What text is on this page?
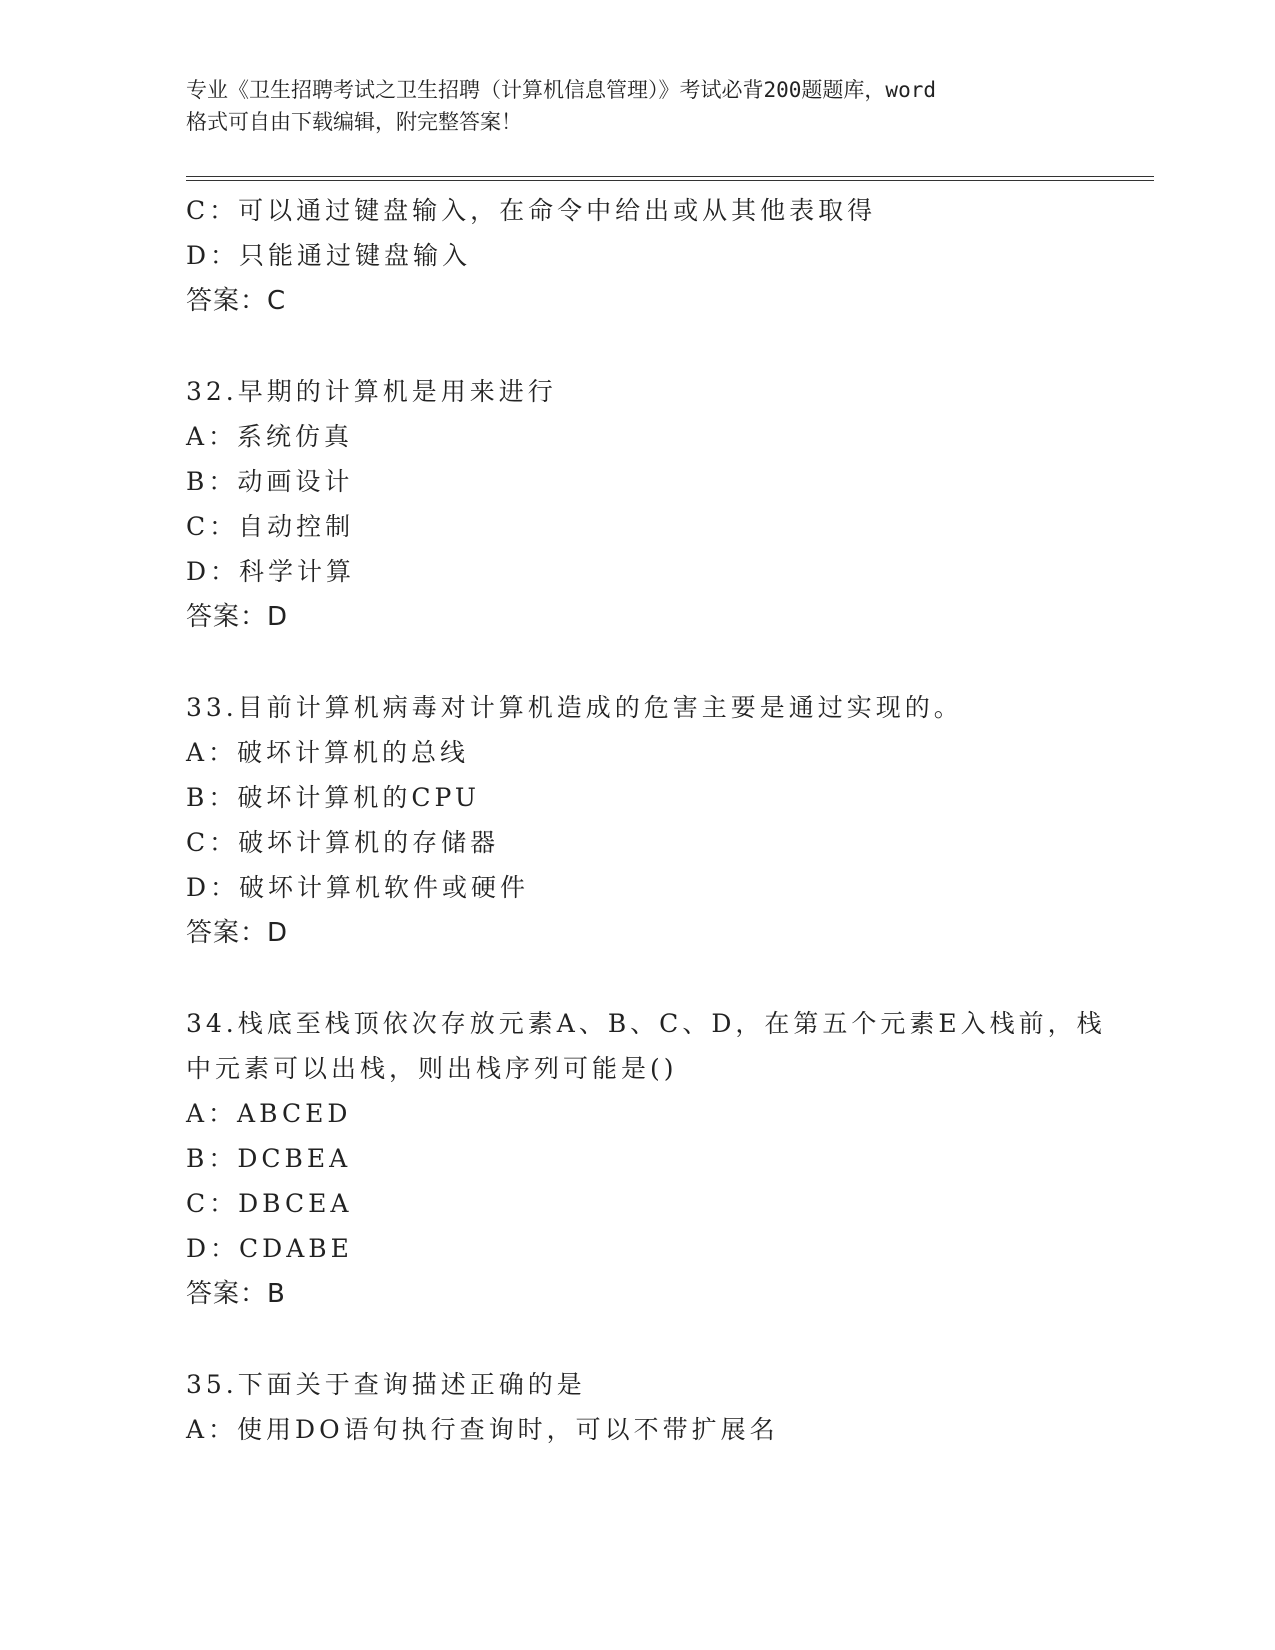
专业《卫生招聘考试之卫生招聘（计算机信息管理）》考试必背200题题库，word
格式可自由下载编辑，附完整答案！
C：可以通过键盘输入，在命令中给出或从其他表取得
D：只能通过键盘输入
答案：C
32.早期的计算机是用来进行
A：系统仿真
B：动画设计
C：自动控制
D：科学计算
答案：D
33.目前计算机病毒对计算机造成的危害主要是通过实现的。
A：破坏计算机的总线
B：破坏计算机的CPU
C：破坏计算机的存储器
D：破坏计算机软件或硬件
答案：D
34.栈底至栈顶依次存放元素A、B、C、D，在第五个元素E入栈前，栈
中元素可以出栈，则出栈序列可能是()
A：ABCED
B：DCBEA
C：DBCEA
D：CDABE
答案：B
35.下面关于查询描述正确的是
A：使用DO语句执行查询时，可以不带扩展名
